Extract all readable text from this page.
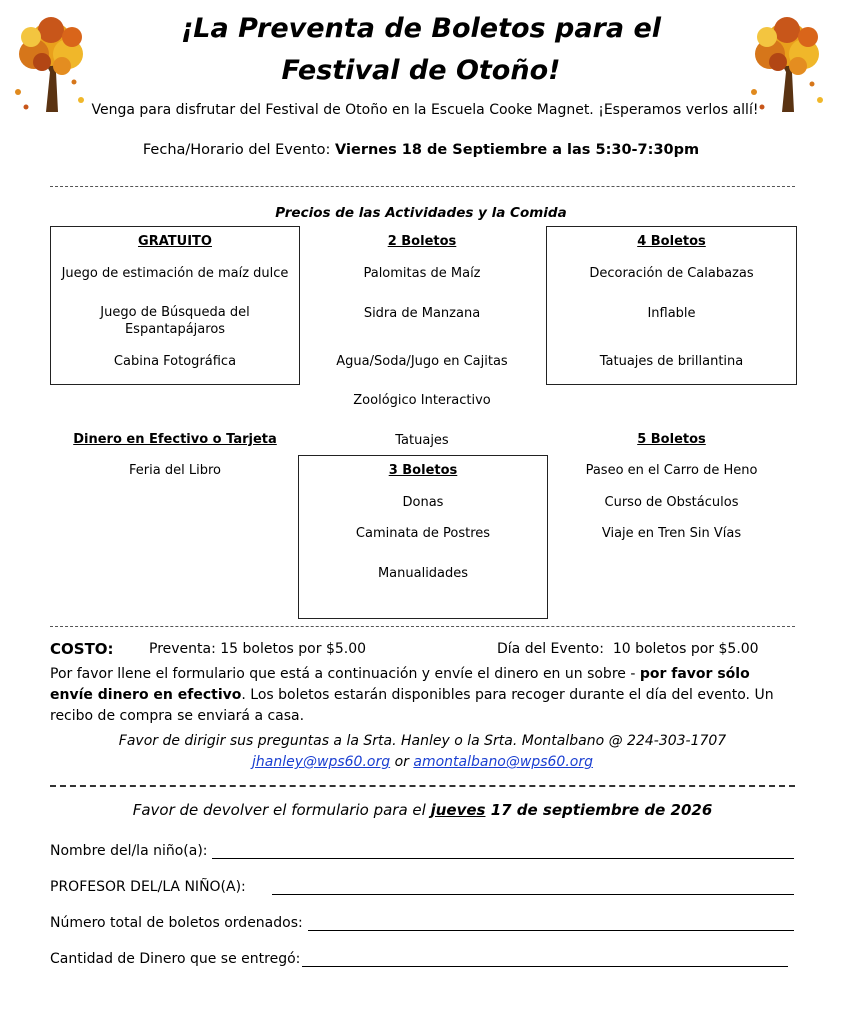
¡La Preventa de Boletos para el
Festival de Otoño!
Venga para disfrutar del Festival de Otoño en la Escuela Cooke Magnet. ¡Esperamos verlos allí!
Fecha/Horario del Evento: Viernes 18 de Septiembre a las 5:30-7:30pm
Precios de las Actividades y la Comida
GRATUITO
Juego de estimación de maíz dulce
Juego de Búsqueda del Espantapájaros
Cabina Fotográfica
2 Boletos
Palomitas de Maíz
Sidra de Manzana
Agua/Soda/Jugo en Cajitas
Zoológico Interactivo
Tatuajes
4 Boletos
Decoración de Calabazas
Inflable
Tatuajes de brillantina
Dinero en Efectivo o Tarjeta
Feria del Libro	3 Boletos
Donas
Caminata de Postres
Manualidades
5 Boletos
Paseo en el Carro de Heno
Curso de Obstáculos
Viaje en Tren Sin Vías
COSTO:	Preventa: 15 boletos por $5.00	Día del Evento:  10 boletos por $5.00
Por favor llene el formulario que está a continuación y envíe el dinero en un sobre - por favor sólo envíe dinero en efectivo. Los boletos estarán disponibles para recoger durante el día del evento. Un recibo de compra se enviará a casa.
Favor de dirigir sus preguntas a la Srta. Hanley o la Srta. Montalbano @ 224-303-1707
jhanley@wps60.org or amontalbano@wps60.org
Favor de devolver el formulario para el jueves 17 de septiembre de 2026
Nombre del/la niño(a):
PROFESOR DEL/LA NIÑO(A):
Número total de boletos ordenados:
Cantidad de Dinero que se entregó:
